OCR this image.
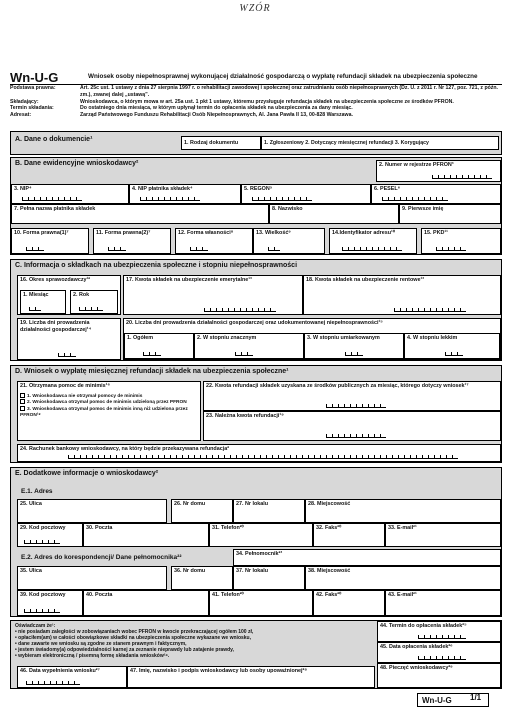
WZÓR
Wn-U-G	Wniosek osoby niepełnosprawnej wykonującej działalność gospodarczą o wypłatę refundacji składek na ubezpieczenia społeczne
Podstawa prawna:	Art. 25c ust. 1 ustawy z dnia 27 sierpnia 1997 r. o rehabilitacji zawodowej i społecznej oraz zatrudnianiu osób niepełnosprawnych (Dz. U. z 2011 r. Nr 127, poz. 721, z późn. zm.), zwanej dalej „ustawą”.
Składający:	Wnioskodawca, o którym mowa w art. 25a ust. 1 pkt 1 ustawy, któremu przysługuje refundacja składek na ubezpieczenia społeczne ze środków PFRON.
Termin składania:	Do ostatniego dnia miesiąca, w którym upłynął termin do opłacenia składek na ubezpieczenia za dany miesiąc.
Adresat:	Zarząd Państwowego Funduszu Rehabilitacji Osób Niepełnosprawnych, Al. Jana Pawła II 13, 00-828 Warszawa.
A. Dane o dokumencie¹	1. Rodzaj dokumentu	1. Zgłoszeniowy 2. Dotyczący miesięcznej refundacji 3. Korygujący
B. Dane ewidencyjne wnioskodawcy²	2. Numer w rejestrze PFRON³
3. NIP⁴	4. NIP płatnika składek⁴	5. REGON⁵	6. PESEL⁶
7. Pełna nazwa płatnika składek	8. Nazwisko	9. Pierwsze imię
10. Forma prawna(1)⁷	11. Forma prawna(2)⁷	12. Forma własności⁸	13. Wielkość⁹	14.Identyfikator adresu¹⁰	15. PKD¹¹
C. Informacja o składkach na ubezpieczenia społeczne i stopniu niepełnosprawności
16. Okres sprawozdawczy¹²
1. Miesiąc	2. Rok
17. Kwota składek na ubezpieczenie emerytalne¹³	18. Kwota składek na ubezpieczenie rentowe¹³
19. Liczba dni prowadzenia działalności gospodarczej¹⁴
20. Liczba dni prowadzenia działalności gospodarczej oraz udokumentowanej niepełnosprawności¹⁵
1. Ogółem	2. W stopniu znacznym	3. W stopniu umiarkowanym	4. W stopniu lekkim
D. Wniosek o wypłatę miesięcznej refundacji składek na ubezpieczenia społeczne¹
21. Otrzymana pomoc de minimis¹⁶
1. Wnioskodawca nie otrzymał pomocy de minimis
2. Wnioskodawca otrzymał pomoc de minimis udzieloną przez PFRON
3. Wnioskodawca otrzymał pomoc de minimis inną niż udzielona przez PFRON¹⁸
22. Kwota refundacji składek uzyskana ze środków publicznych za miesiąc, którego dotyczy wniosek¹⁷
23. Należna kwota refundacji¹⁹
24. Rachunek bankowy wnioskodawcy, na który będzie przekazywana refundacja²
E. Dodatkowe informacje o wnioskodawcy²
E.1. Adres
25. Ulica	26. Nr domu	27. Nr lokalu	28. Miejscowość
29. Kod pocztowy	30. Poczta	31. Telefon²⁰	32. Faks²⁰	33. E-mail²¹
E.2. Adres do korespondencji/ Dane pełnomocnika²²	34. Pełnomocnik²³
35. Ulica	36. Nr domu	37. Nr lokalu	38. Miejscowość
39. Kod pocztowy	40. Poczta	41. Telefon²⁰	42. Faks²⁰	43. E-mail²¹
Oświadczam że¹:
• nie posiadam zaległości w zobowiązaniach wobec PFRON w kwocie przekraczającej ogółem 100 zł,
• opłaciłem(am) w całości obowiązkowe składki na ubezpieczenia społeczne wykazane we wniosku,
• dane zawarte we wniosku są zgodne ze stanem prawnym i faktycznym,
• jestem świadomy(a) odpowiedzialności karnej za zeznanie nieprawdy lub zatajenie prawdy,
• wybieram elektroniczną / pisemną formę składania wniosków²⁴.
44. Termin do opłacenia składek²⁵
45. Data opłacenia składek²⁶
46. Data wypełnienia wniosku²⁷	47. Imię, nazwisko i podpis wnioskodawcy lub osoby upoważnionej²⁸	48. Pieczęć wnioskodawcy²⁹
Wn-U-G	1/1
